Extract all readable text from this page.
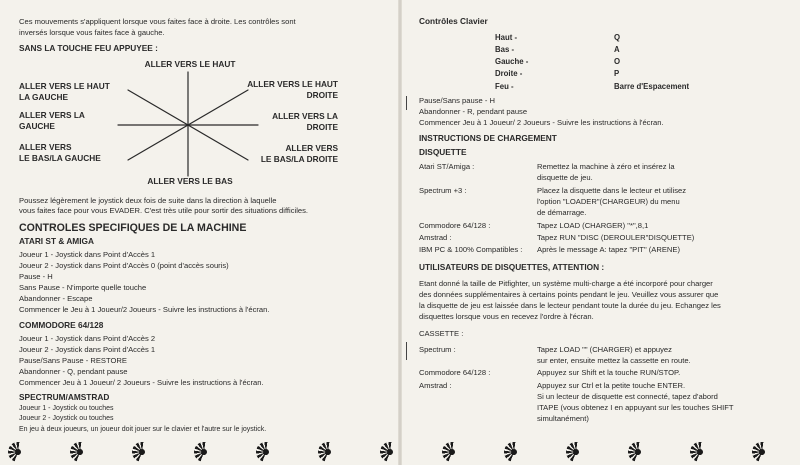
Ces mouvements s'appliquent lorsque vous faites face à droite. Les contrôles sont
inversés lorsque vous faites face à gauche.
SANS LA TOUCHE FEU APPUYEE :
ALLER VERS LE HAUT
ALLER VERS LE HAUT
LA GAUCHE
ALLER VERS LE HAUT
DROITE
ALLER VERS LA
GAUCHE
ALLER VERS LA
DROITE
ALLER VERS
LE BAS/LA GAUCHE
ALLER VERS
LE BAS/LA DROITE
ALLER VERS LE BAS
Poussez légèrement le joystick deux fois de suite dans la direction à laquelle
vous faites face pour vous EVADER. C'est très utile pour sortir des situations difficiles.
CONTROLES SPECIFIQUES DE LA MACHINE
ATARI ST & AMIGA
Joueur 1 - Joystick dans Point d'Accès 1
Joueur 2 - Joystick dans Point d'Accès 0 (point d'accès souris)
Pause - H
Sans Pause - N'importe quelle touche
Abandonner - Escape
Commencer le Jeu à 1 Joueur/2 Joueurs - Suivre les instructions à l'écran.
COMMODORE 64/128
Joueur 1 - Joystick dans Point d'Accès 2
Joueur 2 - Joystick dans Point d'Accès 1
Pause/Sans Pause - RESTORE
Abandonner - Q, pendant pause
Commencer Jeu à 1 Joueur/ 2 Joueurs - Suivre les instructions à l'écran.
SPECTRUM/AMSTRAD
Joueur 1 - Joystick ou touches
Joueur 2 - Joystick ou touches
En jeu à deux joueurs, un joueur doit jouer sur le clavier et l'autre sur le joystick.
Contrôles Clavier
Haut -	Q
Bas -	A
Gauche -	O
Droite -	P
Feu -	Barre d'Espacement
Pause/Sans pause - H
Abandonner - R, pendant pause
Commencer Jeu à 1 Joueur/ 2 Joueurs - Suivre les instructions à l'écran.
INSTRUCTIONS DE CHARGEMENT
DISQUETTE
Atari ST/Amiga :	Remettez la machine à zéro et insérez la
disquette de jeu.
Spectrum +3 :	Placez la disquette dans le lecteur et utilisez
l'option "LOADER"(CHARGEUR) du menu
de démarrage.
Commodore 64/128 :	Tapez LOAD (CHARGER) "*",8,1
Amstrad :	Tapez RUN "DISC (DEROULER"DISQUETTE)
IBM PC & 100% Compatibles : Après le message A: tapez "PIT" (ARENE)
UTILISATEURS DE DISQUETTES, ATTENTION :
Etant donné la taille de Pitfighter, un système multi-charge a été incorporé pour charger
des données supplémentaires à certains points pendant le jeu. Veuillez vous assurer que
la disquette de jeu est laissée dans le lecteur pendant toute la durée du jeu. Echangez les
disquettes lorsque vous en recevez l'ordre à l'écran.
CASSETTE :
Spectrum :	Tapez LOAD "" (CHARGER) et appuyez
sur enter, ensuite mettez la cassette en route.
Commodore 64/128 :	Appuyez sur Shift et la touche RUN/STOP.
Amstrad :	Appuyez sur Ctrl et la petite touche ENTER.
Si un lecteur de disquette est connecté, tapez d'abord
ITAPE (vous obtenez I en appuyant sur les touches SHIFT
simultanément)
